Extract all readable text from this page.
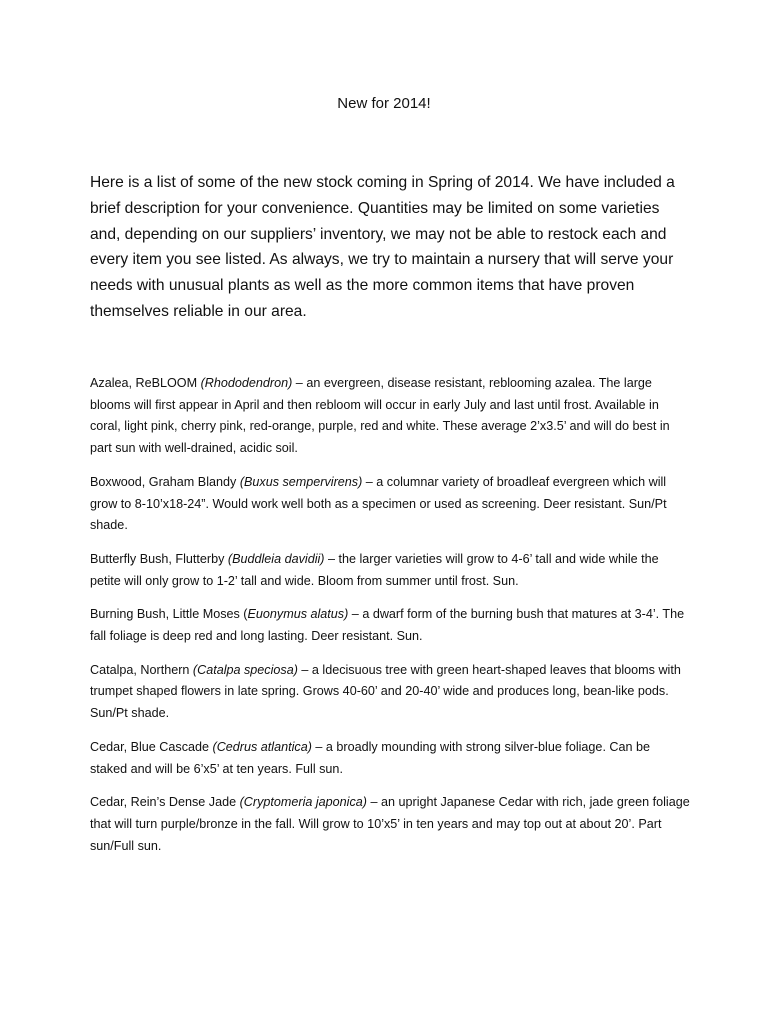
New for 2014!
Here is a list of some of the new stock coming in Spring of 2014. We have included a brief description for your convenience. Quantities may be limited on some varieties and, depending on our suppliers’ inventory, we may not be able to restock each and every item you see listed. As always, we try to maintain a nursery that will serve your needs with unusual plants as well as the more common items that have proven themselves reliable in our area.

Azalea, ReBLOOM (Rhododendron) – an evergreen, disease resistant, reblooming azalea. The large blooms will first appear in April and then rebloom will occur in early July and last until frost. Available in coral, light pink, cherry pink, red-orange, purple, red and white. These average 2’x3.5’ and will do best in part sun with well-drained, acidic soil.

Boxwood, Graham Blandy (Buxus sempervirens) – a columnar variety of broadleaf evergreen which will grow to 8-10’x18-24”. Would work well both as a specimen or used as screening. Deer resistant. Sun/Pt shade.

Butterfly Bush, Flutterby (Buddleia davidii) – the larger varieties will grow to 4-6’ tall and wide while the petite will only grow to 1-2’ tall and wide. Bloom from summer until frost. Sun.

Burning Bush, Little Moses (Euonymus alatus) – a dwarf form of the burning bush that matures at 3-4’. The fall foliage is deep red and long lasting. Deer resistant. Sun.

Catalpa, Northern (Catalpa speciosa) – a ldecisuous tree with green heart-shaped leaves that blooms with trumpet shaped flowers in late spring. Grows 40-60’ and 20-40’ wide and produces long, bean-like pods. Sun/Pt shade.

Cedar, Blue Cascade (Cedrus atlantica) – a broadly mounding with strong silver-blue foliage. Can be staked and will be 6’x5’ at ten years. Full sun.

Cedar, Rein’s Dense Jade (Cryptomeria japonica) – an upright Japanese Cedar with rich, jade green foliage that will turn purple/bronze in the fall. Will grow to 10’x5’ in ten years and may top out at about 20’. Part sun/Full sun.
